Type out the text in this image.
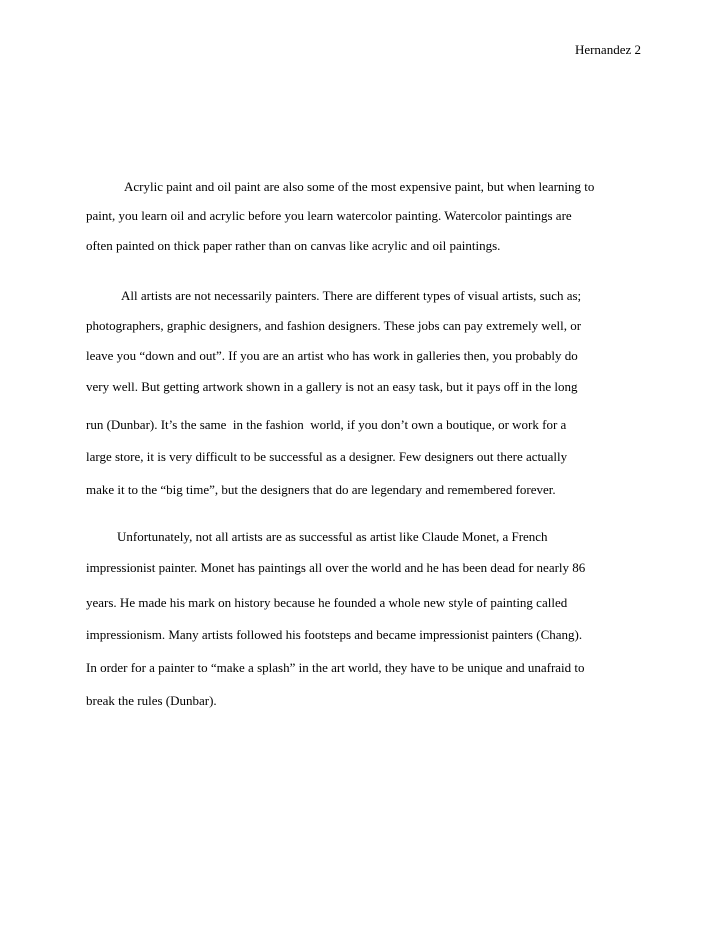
Hernandez 2
Acrylic paint and oil paint are also some of the most expensive paint, but when learning to
paint, you learn oil and acrylic before you learn watercolor painting. Watercolor paintings are
often painted on thick paper rather than on canvas like acrylic and oil paintings.
All artists are not necessarily painters. There are different types of visual artists, such as;
photographers, graphic designers, and fashion designers. These jobs can pay extremely well, or
leave you “down and out”. If you are an artist who has work in galleries then, you probably do
very well. But getting artwork shown in a gallery is not an easy task, but it pays off in the long
run (Dunbar). It’s the same  in the fashion  world, if you don’t own a boutique, or work for a
large store, it is very difficult to be successful as a designer. Few designers out there actually
make it to the “big time”, but the designers that do are legendary and remembered forever.
Unfortunately, not all artists are as successful as artist like Claude Monet, a French
impressionist painter. Monet has paintings all over the world and he has been dead for nearly 86
years. He made his mark on history because he founded a whole new style of painting called
impressionism. Many artists followed his footsteps and became impressionist painters (Chang).
In order for a painter to “make a splash” in the art world, they have to be unique and unafraid to
break the rules (Dunbar).
